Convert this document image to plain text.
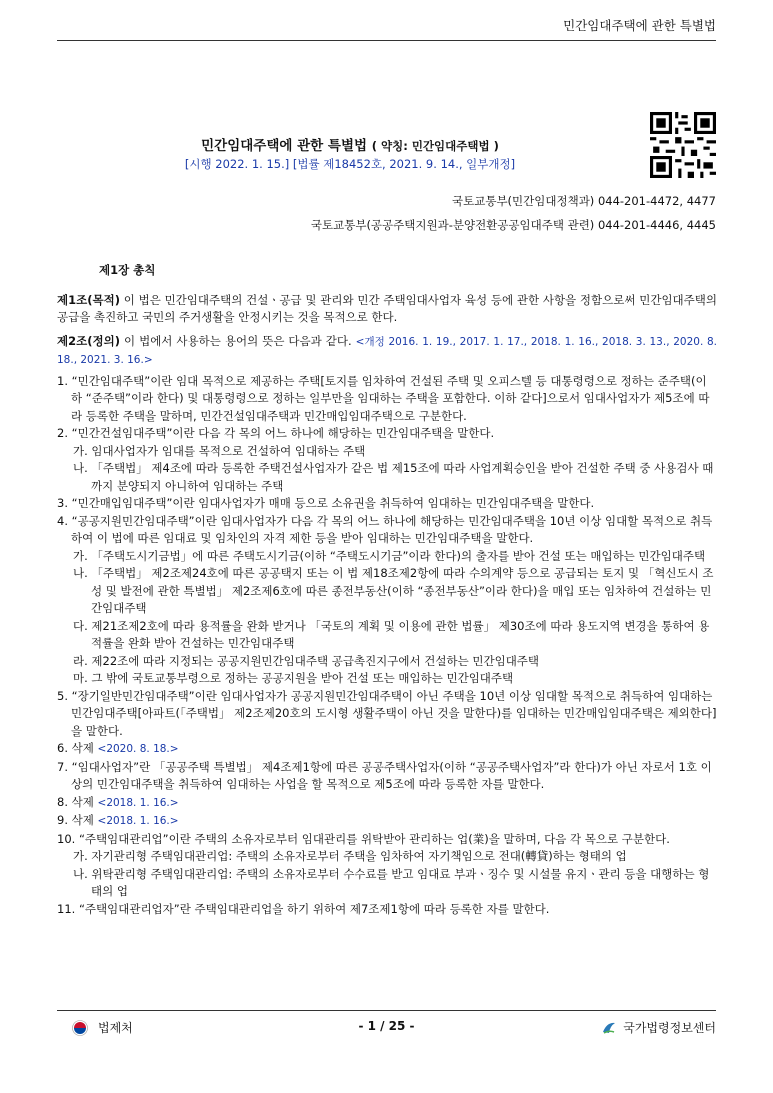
민간임대주택에 관한 특별법
민간임대주택에 관한 특별법 ( 약칭: 민간임대주택법 )
[시행 2022. 1. 15.] [법률 제18452호, 2021. 9. 14., 일부개정]
국토교통부(민간임대정책과) 044-201-4472, 4477
국토교통부(공공주택지원과-분양전환공공임대주택 관련) 044-201-4446, 4445
제1장 총칙

제1조(목적) 이 법은 민간임대주택의 건설ㆍ공급 및 관리와 민간 주택임대사업자 육성 등에 관한 사항을 정함으로써 민간임대주택의 공급을 촉진하고 국민의 주거생활을 안정시키는 것을 목적으로 한다.

제2조(정의) 이 법에서 사용하는 용어의 뜻은 다음과 같다. <개정 2016. 1. 19., 2017. 1. 17., 2018. 1. 16., 2018. 3. 13., 2020. 8. 18., 2021. 3. 16.>

1. “민간임대주택”이란 임대 목적으로 제공하는 주택[토지를 임차하여 건설된 주택 및 오피스텔 등 대통령령으로 정하는 준주택(이하 “준주택”이라 한다) 및 대통령령으로 정하는 일부만을 임대하는 주택을 포함한다. 이하 같다]으로서 임대사업자가 제5조에 따라 등록한 주택을 말하며, 민간건설임대주택과 민간매입임대주택으로 구분한다.

2. “민간건설임대주택”이란 다음 각 목의 어느 하나에 해당하는 민간임대주택을 말한다.

가. 임대사업자가 임대를 목적으로 건설하여 임대하는 주택

나. 「주택법」 제4조에 따라 등록한 주택건설사업자가 같은 법 제15조에 따라 사업계획승인을 받아 건설한 주택 중 사용검사 때까지 분양되지 아니하여 임대하는 주택

3. “민간매입임대주택”이란 임대사업자가 매매 등으로 소유권을 취득하여 임대하는 민간임대주택을 말한다.

4. “공공지원민간임대주택”이란 임대사업자가 다음 각 목의 어느 하나에 해당하는 민간임대주택을 10년 이상 임대할 목적으로 취득하여 이 법에 따른 임대료 및 임차인의 자격 제한 등을 받아 임대하는 민간임대주택을 말한다.

가. 「주택도시기금법」에 따른 주택도시기금(이하 “주택도시기금”이라 한다)의 출자를 받아 건설 또는 매입하는 민간임대주택

나. 「주택법」 제2조제24호에 따른 공공택지 또는 이 법 제18조제2항에 따라 수의계약 등으로 공급되는 토지 및 「혁신도시 조성 및 발전에 관한 특별법」 제2조제6호에 따른 종전부동산(이하 “종전부동산”이라 한다)을 매입 또는 임차하여 건설하는 민간임대주택

다. 제21조제2호에 따라 용적률을 완화 받거나 「국토의 계획 및 이용에 관한 법률」 제30조에 따라 용도지역 변경을 통하여 용적률을 완화 받아 건설하는 민간임대주택

라. 제22조에 따라 지정되는 공공지원민간임대주택 공급촉진지구에서 건설하는 민간임대주택

마. 그 밖에 국토교통부령으로 정하는 공공지원을 받아 건설 또는 매입하는 민간임대주택

5. “장기일반민간임대주택”이란 임대사업자가 공공지원민간임대주택이 아닌 주택을 10년 이상 임대할 목적으로 취득하여 임대하는 민간임대주택[아파트(「주택법」 제2조제20호의 도시형 생활주택이 아닌 것을 말한다)를 임대하는 민간매입임대주택은 제외한다]을 말한다.

6. 삭제 <2020. 8. 18.>

7. “임대사업자”란 「공공주택 특별법」 제4조제1항에 따른 공공주택사업자(이하 “공공주택사업자”라 한다)가 아닌 자로서 1호 이상의 민간임대주택을 취득하여 임대하는 사업을 할 목적으로 제5조에 따라 등록한 자를 말한다.

8. 삭제 <2018. 1. 16.>

9. 삭제 <2018. 1. 16.>

10. “주택임대관리업”이란 주택의 소유자로부터 임대관리를 위탁받아 관리하는 업(業)을 말하며, 다음 각 목으로 구분한다.

가. 자기관리형 주택임대관리업: 주택의 소유자로부터 주택을 임차하여 자기책임으로 전대(轉貸)하는 형태의 업

나. 위탁관리형 주택임대관리업: 주택의 소유자로부터 수수료를 받고 임대료 부과ㆍ징수 및 시설물 유지ㆍ관리 등을 대행하는 형태의 업

11. “주택임대관리업자”란 주택임대관리업을 하기 위하여 제7조제1항에 따라 등록한 자를 말한다.

법제처	- 1 / 25 -	국가법령정보센터
